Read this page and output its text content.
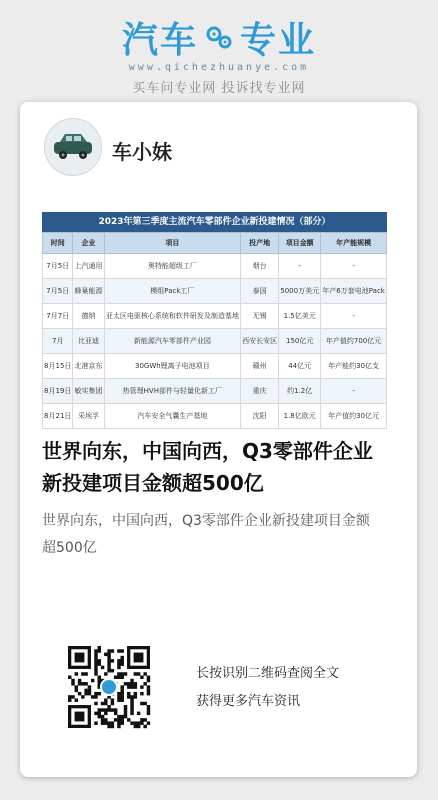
汽车 专业
www.qichezhuanye.com
买车问专业网 投诉找专业网
车小妹
2023年第三季度主流汽车零部件企业新投建情况（部分）
时间	企业	项目	投产地	项目金额	年产能规模
7月5日	上汽通用	奥特能超级工厂	烟台	-	-
7月5日	蜂巢能源	模组Pack工厂	泰国	5000万美元	年产6万套电池Pack
7月7日	德纳	亚太区电驱核心系统和软件研发及制造基地	无锡	1.5亿美元	-
7月	比亚迪	新能源汽车零部件产业园	西安长安区	150亿元	年产值约700亿元
8月15日	北港京东	30GWh锂离子电池项目	赣州	44亿元	年产能约30亿支
8月19日	敏实集团	热管理HVH部件与轻量化新工厂	重庆	约1.2亿	-
8月21日	采埃孚	汽车安全气囊生产基地	沈阳	1.8亿欧元	年产值约30亿元
世界向东，中国向西，Q3零部件企业新投建项目金额超500亿
世界向东，中国向西，Q3零部件企业新投建项目金额超500亿
长按识别二维码查阅全文
获得更多汽车资讯
